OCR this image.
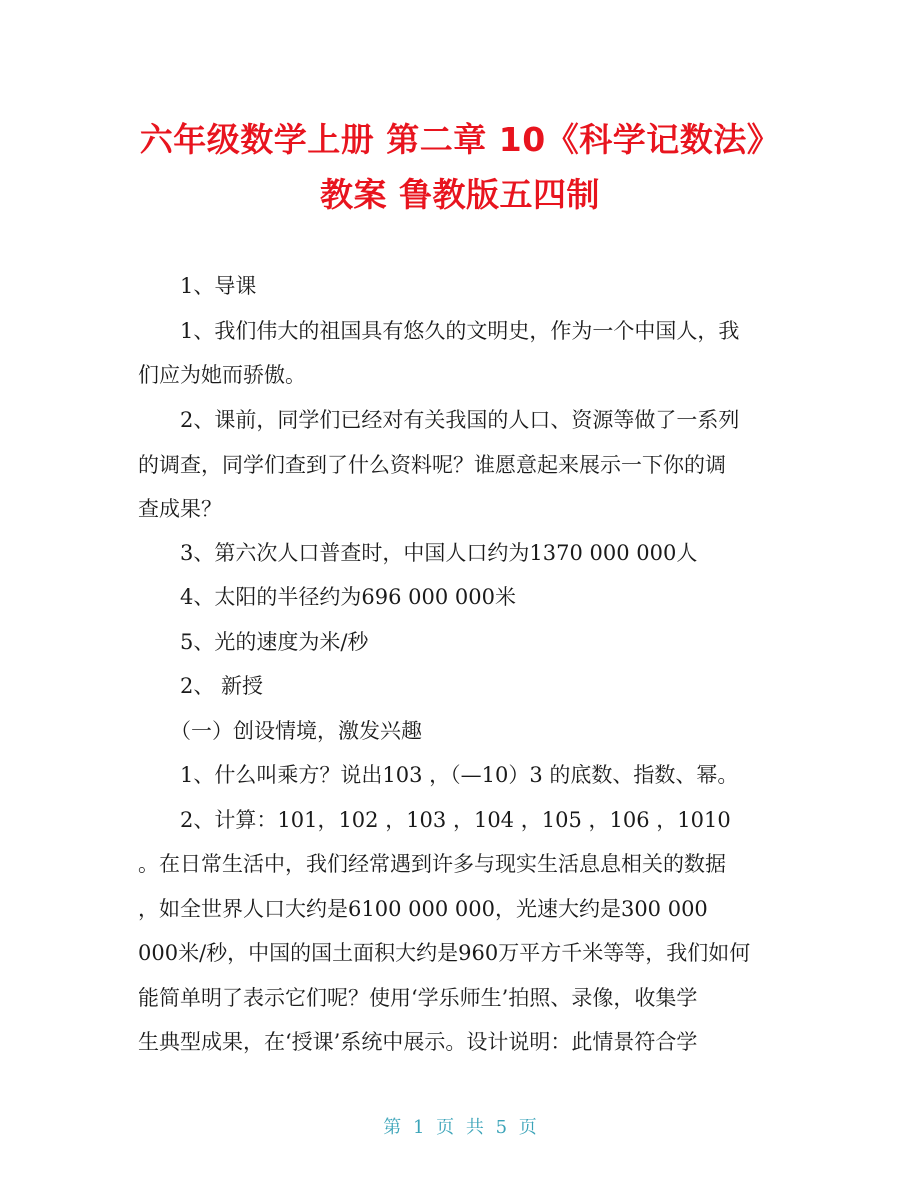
六年级数学上册 第二章 10《科学记数法》
教案 鲁教版五四制
1、导课
1、我们伟大的祖国具有悠久的文明史，作为一个中国人，我
们应为她而骄傲。
2、课前，同学们已经对有关我国的人口、资源等做了一系列
的调查，同学们查到了什么资料呢？谁愿意起来展示一下你的调
查成果？
3、第六次人口普查时，中国人口约为1370 000 000人
4、太阳的半径约为696 000 000米
5、光的速度为米/秒
2、 新授
（一）创设情境，激发兴趣
1、什么叫乘方？说出103 ，（—10）3 的底数、指数、幂。
2、计算：101，102 ，103 ，104 ，105 ，106 ，1010
。在日常生活中，我们经常遇到许多与现实生活息息相关的数据
，如全世界人口大约是6100 000 000，光速大约是300 000
000米/秒，中国的国土面积大约是960万平方千米等等，我们如何
能简单明了表示它们呢？使用‘学乐师生’拍照、录像，收集学
生典型成果，在‘授课’系统中展示。设计说明：此情景符合学
第 1 页 共 5 页
